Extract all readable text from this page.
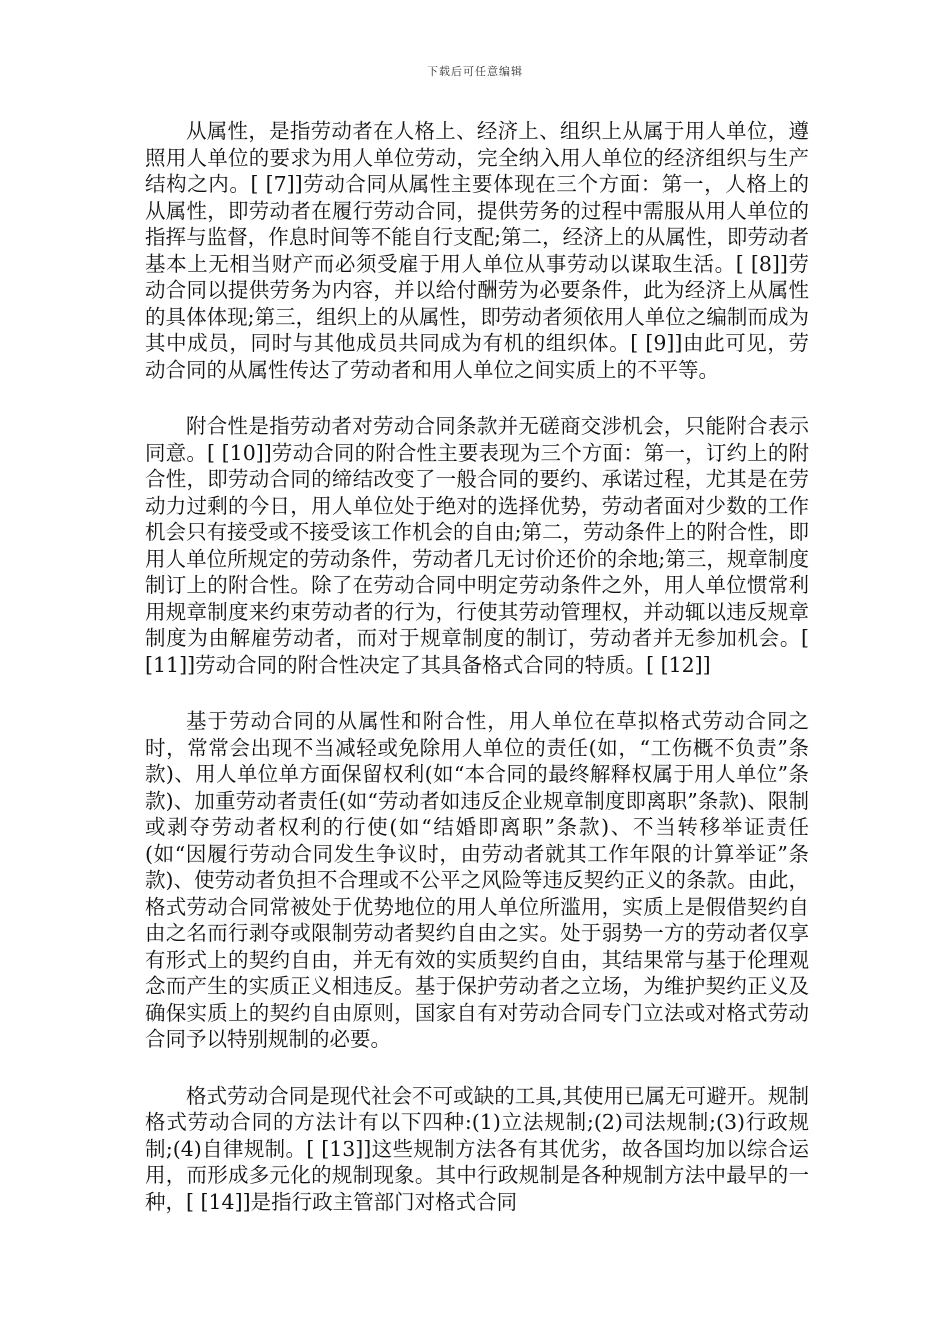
下载后可任意编辑

从属性，是指劳动者在人格上、经济上、组织上从属于用人单位，遵照用人单位的要求为用人单位劳动，完全纳入用人单位的经济组织与生产结构之内。[ [7]]劳动合同从属性主要体现在三个方面：第一，人格上的从属性，即劳动者在履行劳动合同，提供劳务的过程中需服从用人单位的指挥与监督，作息时间等不能自行支配;第二，经济上的从属性，即劳动者基本上无相当财产而必须受雇于用人单位从事劳动以谋取生活。[ [8]]劳动合同以提供劳务为内容，并以给付酬劳为必要条件，此为经济上从属性的具体体现;第三，组织上的从属性，即劳动者须依用人单位之编制而成为其中成员，同时与其他成员共同成为有机的组织体。[ [9]]由此可见，劳动合同的从属性传达了劳动者和用人单位之间实质上的不平等。

附合性是指劳动者对劳动合同条款并无磋商交涉机会，只能附合表示同意。[ [10]]劳动合同的附合性主要表现为三个方面：第一，订约上的附合性，即劳动合同的缔结改变了一般合同的要约、承诺过程，尤其是在劳动力过剩的今日，用人单位处于绝对的选择优势，劳动者面对少数的工作机会只有接受或不接受该工作机会的自由;第二，劳动条件上的附合性，即用人单位所规定的劳动条件，劳动者几无讨价还价的余地;第三，规章制度制订上的附合性。除了在劳动合同中明定劳动条件之外，用人单位惯常利用规章制度来约束劳动者的行为，行使其劳动管理权，并动辄以违反规章制度为由解雇劳动者，而对于规章制度的制订，劳动者并无参加机会。[ [11]]劳动合同的附合性决定了其具备格式合同的特质。[ [12]]

基于劳动合同的从属性和附合性，用人单位在草拟格式劳动合同之时，常常会出现不当减轻或免除用人单位的责任(如，“工伤概不负责”条款)、用人单位单方面保留权利(如“本合同的最终解释权属于用人单位”条款)、加重劳动者责任(如“劳动者如违反企业规章制度即离职”条款)、限制或剥夺劳动者权利的行使(如“结婚即离职”条款)、不当转移举证责任(如“因履行劳动合同发生争议时，由劳动者就其工作年限的计算举证”条款)、使劳动者负担不合理或不公平之风险等违反契约正义的条款。由此，格式劳动合同常被处于优势地位的用人单位所滥用，实质上是假借契约自由之名而行剥夺或限制劳动者契约自由之实。处于弱势一方的劳动者仅享有形式上的契约自由，并无有效的实质契约自由，其结果常与基于伦理观念而产生的实质正义相违反。基于保护劳动者之立场，为维护契约正义及确保实质上的契约自由原则，国家自有对劳动合同专门立法或对格式劳动合同予以特别规制的必要。

格式劳动合同是现代社会不可或缺的工具,其使用已属无可避开。规制格式劳动合同的方法计有以下四种:(1)立法规制;(2)司法规制;(3)行政规制;(4)自律规制。[ [13]]这些规制方法各有其优劣，故各国均加以综合运用，而形成多元化的规制现象。其中行政规制是各种规制方法中最早的一种，[ [14]]是指行政主管部门对格式合同
